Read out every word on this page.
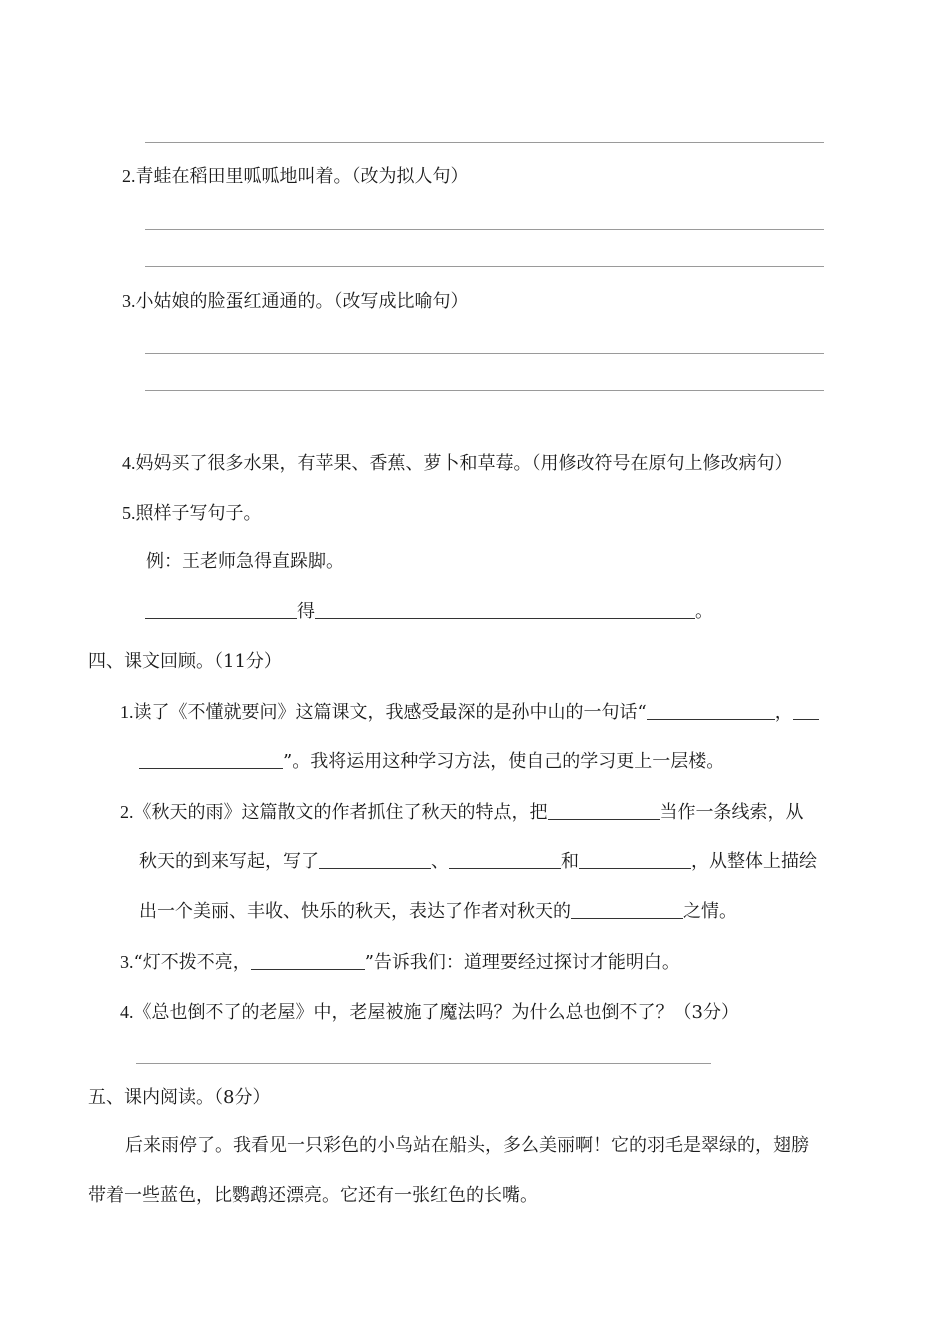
2.青蛙在稻田里呱呱地叫着。（改为拟人句）
3.小姑娘的脸蛋红通通的。（改写成比喻句）
4.妈妈买了很多水果，有苹果、香蕉、萝卜和草莓。（用修改符号在原句上修改病句）
5.照样子写句子。
例：王老师急得直跺脚。
得	。
四、课文回顾。（11分）
1.读了《不懂就要问》这篇课文，我感受最深的是孙中山的一句话“	，
”。我将运用这种学习方法，使自己的学习更上一层楼。
2.《秋天的雨》这篇散文的作者抓住了秋天的特点，把	当作一条线索，从
秋天的到来写起，写了	、	和	，从整体上描绘
出一个美丽、丰收、快乐的秋天，表达了作者对秋天的	之情。
3.“灯不拨不亮，	”告诉我们：道理要经过探讨才能明白。
4.《总也倒不了的老屋》中，老屋被施了魔法吗？为什么总也倒不了？（3分）
五、课内阅读。（8分）
后来雨停了。我看见一只彩色的小鸟站在船头，多么美丽啊！它的羽毛是翠绿的，翅膀
带着一些蓝色，比鹦鹉还漂亮。它还有一张红色的长嘴。
